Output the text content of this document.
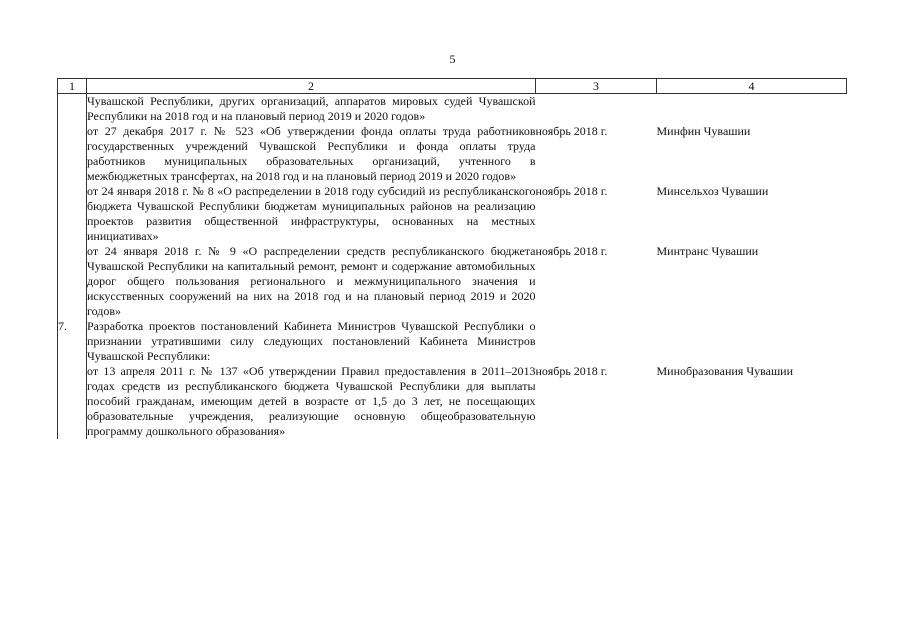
5
1	2	3	4
	Чувашской Республики, других организаций, аппаратов мировых судей Чувашской Республики на 2018 год и на плановый период 2019 и 2020 годов»		
	от 27 декабря 2017 г. № 523 «Об утверждении фонда оплаты труда работников государственных учреждений Чувашской Республики и фонда оплаты труда работников муниципальных образовательных организаций, учтенного в межбюджетных трансфертах, на 2018 год и на плановый период 2019 и 2020 годов»	ноябрь 2018 г.	Минфин Чувашии
	от 24 января 2018 г. № 8 «О распределении в 2018 году субсидий из республиканского бюджета Чувашской Республики бюджетам муниципальных районов на реализацию проектов развития общественной инфраструктуры, основанных на местных инициативах»	ноябрь 2018 г.	Минсельхоз Чувашии
	от 24 января 2018 г. № 9 «О распределении средств республиканского бюджета Чувашской Республики на капитальный ремонт, ремонт и содержание автомобильных дорог общего пользования регионального и межмуниципального значения и искусственных сооружений на них на 2018 год и на плановый период 2019 и 2020 годов»	ноябрь 2018 г.	Минтранс Чувашии
7.	Разработка проектов постановлений Кабинета Министров Чувашской Республики о признании утратившими силу следующих постановлений Кабинета Министров Чувашской Республики:		
	от 13 апреля 2011 г. № 137 «Об утверждении Правил предоставления в 2011–2013 годах средств из республиканского бюджета Чувашской Республики для выплаты пособий гражданам, имеющим детей в возрасте от 1,5 до 3 лет, не посещающих образовательные учреждения, реализующие основную общеобразовательную программу дошкольного образования»	ноябрь 2018 г.	Минобразования Чувашии
